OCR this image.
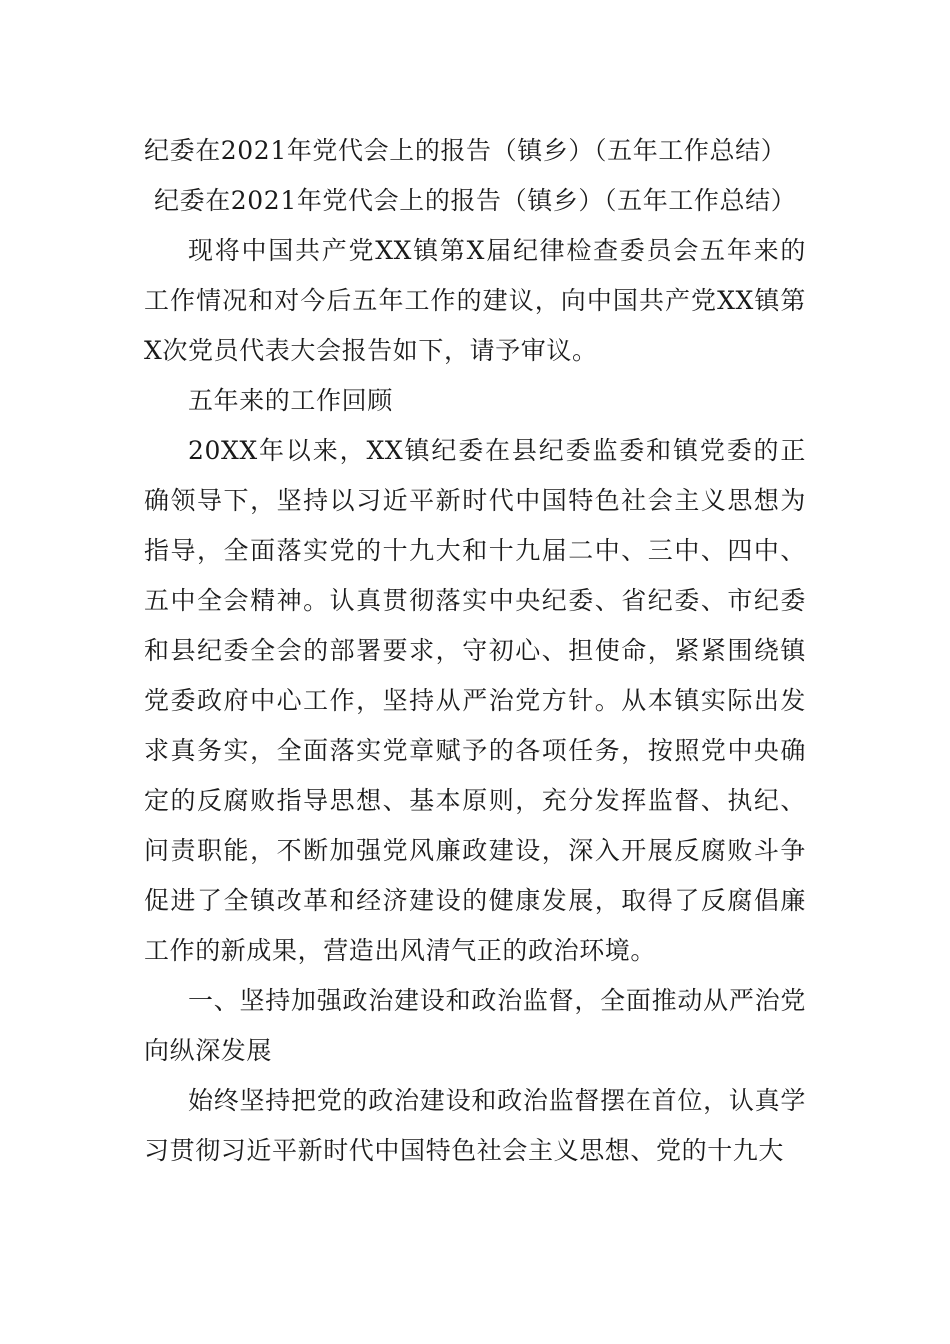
纪委在2021年党代会上的报告（镇乡）（五年工作总结）

纪委在2021年党代会上的报告（镇乡）（五年工作总结）

现将中国共产党XX镇第X届纪律检查委员会五年来的工作情况和对今后五年工作的建议，向中国共产党XX镇第X次党员代表大会报告如下，请予审议。

五年来的工作回顾

20XX年以来，XX镇纪委在县纪委监委和镇党委的正确领导下，坚持以习近平新时代中国特色社会主义思想为指导，全面落实党的十九大和十九届二中、三中、四中、五中全会精神。认真贯彻落实中央纪委、省纪委、市纪委和县纪委全会的部署要求，守初心、担使命，紧紧围绕镇党委政府中心工作，坚持从严治党方针。从本镇实际出发求真务实，全面落实党章赋予的各项任务，按照党中央确定的反腐败指导思想、基本原则，充分发挥监督、执纪、问责职能，不断加强党风廉政建设，深入开展反腐败斗争促进了全镇改革和经济建设的健康发展，取得了反腐倡廉工作的新成果，营造出风清气正的政治环境。

一、坚持加强政治建设和政治监督，全面推动从严治党向纵深发展

始终坚持把党的政治建设和政治监督摆在首位，认真学习贯彻习近平新时代中国特色社会主义思想、党的十九大
